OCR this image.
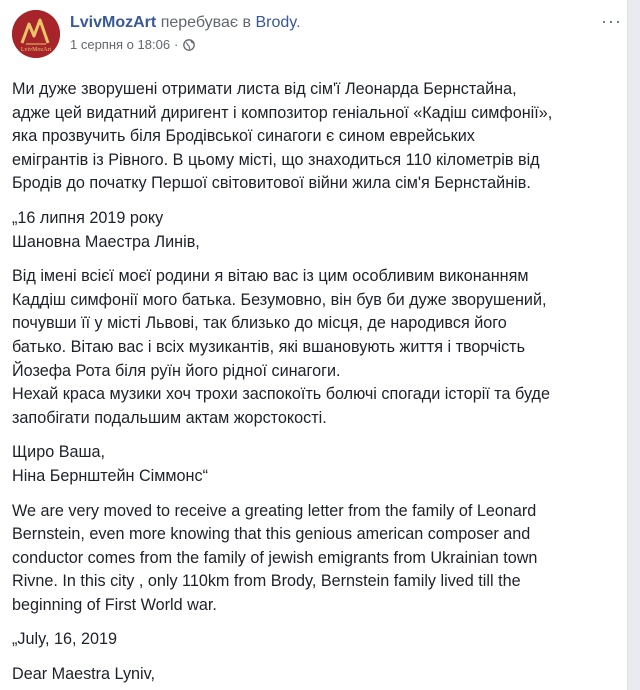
LvivMozArt
LvivMozArt перебуває в Brody.
1 серпня о 18:06 ·
···

Ми дуже зворушені отримати листа від сім'ї Леонарда Бернстайна,
адже цей видатний диригент і композитор геніальної «Кадіш симфонії»,
яка прозвучить біля Бродівської синагоги є сином еврейських
емігрантів із Рівного. В цьому місті, що знаходиться 110 кілометрів від
Бродів до початку Першої світовитової війни жила сім'я Бернстайнів.

„16 липня 2019 року
Шановна Маестра Линів,

Від імені всієї моєї родини я вітаю вас із цим особливим виконанням
Каддіш симфонії мого батька. Безумовно, він був би дуже зворушений,
почувши її у місті Львові, так близько до місця, де народився його
батько. Вітаю вас і всіх музикантів, які вшановують життя і творчість
Йозефа Рота біля руїн його рідної синагоги.
Нехай краса музики хоч трохи заспокоїть болючі спогади історії та буде
запобігати подальшим актам жорстокості.

Щиро Ваша,
Ніна Бернштейн Сіммонс“

We are very moved to receive a greating letter from the family of Leonard
Bernstein, even more knowing that this genious american composer and
conductor comes from the family of jewish emigrants from Ukrainian town
Rivne. In this city , only 110km from Brody, Bernstein family lived till the
beginning of First World war.

„July, 16, 2019

Dear Maestra Lyniv,
